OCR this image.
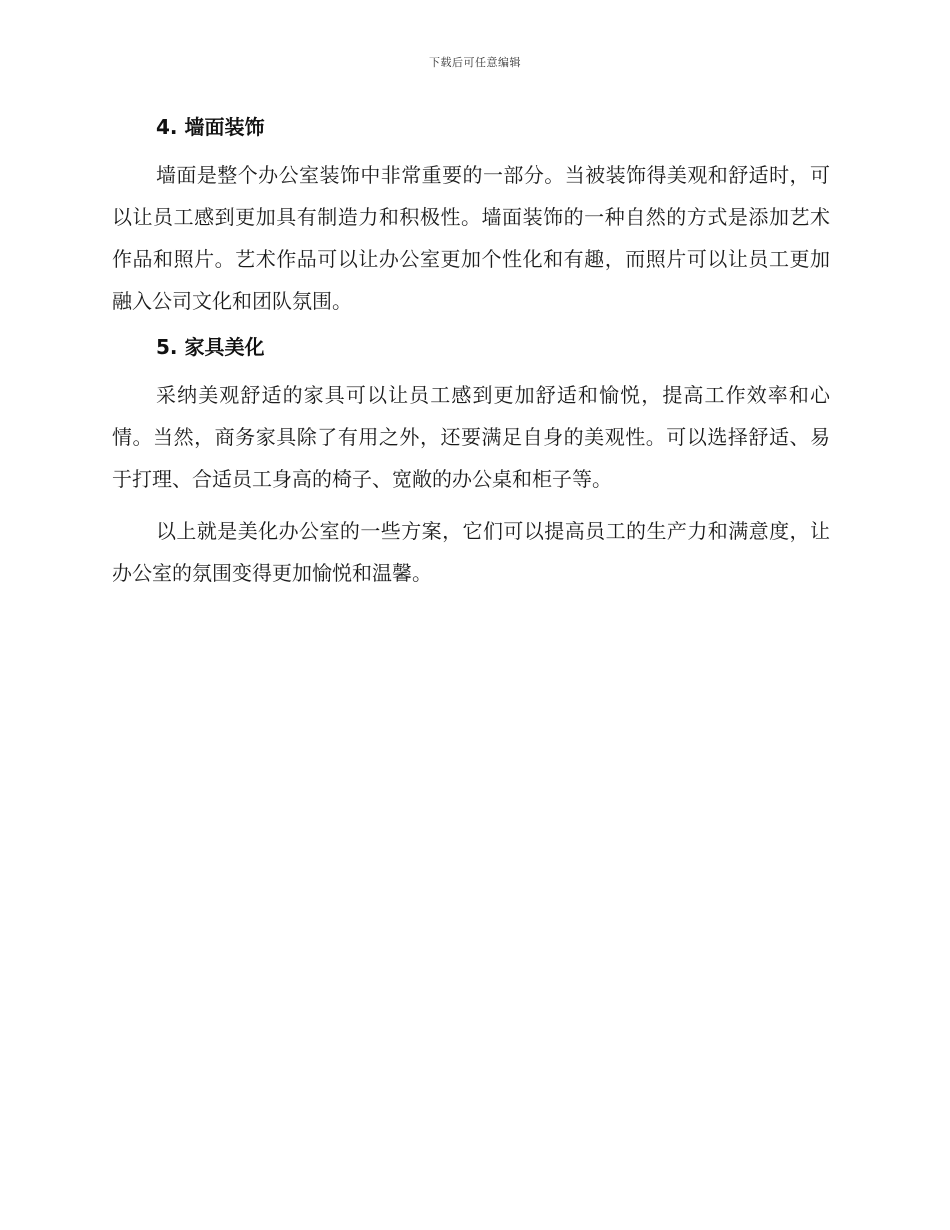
下载后可任意编辑
4. 墙面装饰

墙面是整个办公室装饰中非常重要的一部分。当被装饰得美观和舒适时，可以让员工感到更加具有制造力和积极性。墙面装饰的一种自然的方式是添加艺术作品和照片。艺术作品可以让办公室更加个性化和有趣，而照片可以让员工更加融入公司文化和团队氛围。

5. 家具美化

采纳美观舒适的家具可以让员工感到更加舒适和愉悦，提高工作效率和心情。当然，商务家具除了有用之外，还要满足自身的美观性。可以选择舒适、易于打理、合适员工身高的椅子、宽敞的办公桌和柜子等。

以上就是美化办公室的一些方案，它们可以提高员工的生产力和满意度，让办公室的氛围变得更加愉悦和温馨。
